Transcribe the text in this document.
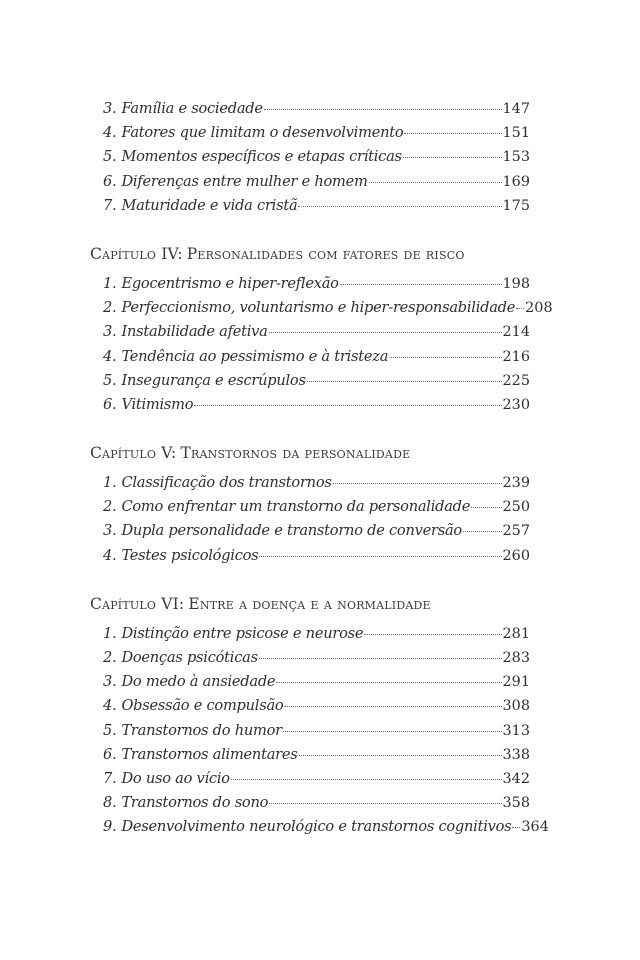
3. Família e sociedade	147
4. Fatores que limitam o desenvolvimento	151
5. Momentos específicos e etapas críticas	153
6. Diferenças entre mulher e homem	169
7. Maturidade e vida cristã	175
Capítulo IV: Personalidades com fatores de risco
1. Egocentrismo e hiper-reflexão	198
2. Perfeccionismo, voluntarismo e hiper-responsabilidade 208
3. Instabilidade afetiva	214
4. Tendência ao pessimismo e à tristeza	216
5. Insegurança e escrúpulos	225
6. Vitimismo	230
Capítulo V: Transtornos da personalidade
1. Classificação dos transtornos	239
2. Como enfrentar um transtorno da personalidade 250
3. Dupla personalidade e transtorno de conversão	257
4. Testes psicológicos	260
Capítulo VI: Entre a doença e a normalidade
1. Distinção entre psicose e neurose	281
2. Doenças psicóticas	283
3. Do medo à ansiedade	291
4. Obsessão e compulsão	308
5. Transtornos do humor	313
6. Transtornos alimentares	338
7. Do uso ao vício	342
8. Transtornos do sono	358
9. Desenvolvimento neurológico e transtornos cognitivos 364
